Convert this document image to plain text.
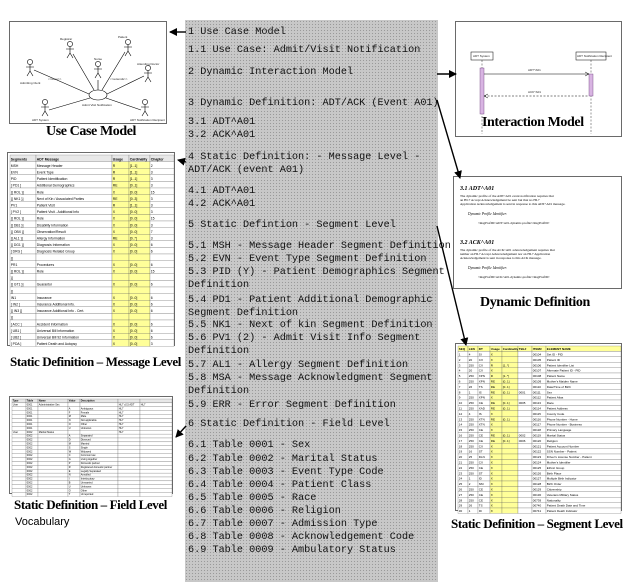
1 Use Case Model
1.1 Use Case: Admit/Visit Notification
2 Dynamic Interaction Model
3 Dynamic Definition: ADT/ACK (Event A01)
3.1 ADT^A01
3.2 ACK^A01
4 Static Definition: - Message Level -
ADT/ACK (event A01)
4.1 ADT^A01
4.2 ACK^A01
5 Static Defintion - Segment Level
5.1 MSH - Message Header Segment Definition
5.2 EVN - Event Type Segment Definition
5.3 PID (Y) - Patient Demographics Segment
Definition
5.4 PD1 - Patient Additional Demographic
Segment Definition
5.5 NK1 - Next of kin Segment Definition
5.6 PV1 (2) - Admit Visit Info Segment
Definition
5.7 AL1 - Allergy Segment Definition
5.8 MSA - Message Acknowledgment Segment
Definition
5.9 ERR - Error Segment Definition
6 Static Definition - Field Level
6.1 Table 0001 - Sex
6.2 Table 0002 - Marital Status
6.3 Table 0003 - Event Type Code
6.4 Table 0004 - Patient Class
6.5 Table 0005 - Race
6.6 Table 0006 - Religion
6.7 Table 0007 - Admission Type
6.8 Table 0008 - Acknowledgement Code
6.9 Table 0009 - Ambulatory Status
Admitting Clerk
Registrar	Patient
Attending Doctor
Nurse
ADT System	ADT Notification Recipient
Admit Visit Notification
<<uses>>	<<extends>>
Use Case Model
ADT System	ADT Notification Recipient
ADT^A01
ACK^A01
Interaction Model
3.1 ADT^A01
The dynamic profile of the ADT^A01 event notification requires that
an HL7 Accept Acknowledgement be sent but that no HL7
Application Acknowledgement is sent in response to this ADT^A01 message.
Dynamic Profile Identifier:
<msgProfID>ADT^A01-dynamic-profile</msgProfID>
3.2 ACK^A01
The dynamic profile of the ACK^A01 acknowledgement requires that
neither an HL7 Accept Acknowledgement nor an HL7 Application
Acknowledgement is sent in response to this ACK message.
Dynamic Profile Identifier:
<msgProfID>ACK^A01-dynamic-profile</msgProfID>
Dynamic Definition
Segments	ADT Message	Usage Cardinality Chapter
MSH	Message Header	R	[1..1]	2
EVN	Event Type	R	[1..1]	3
PID	Patient Identification	R	[1..1]	3
[ PD1 ]	Additional Demographics	RE	[0..1]	3
[{ ROL }]	Role	X	[0..0]	15
[{ NK1 }]	Next of Kin / Associated Parties	RE	[0..3]	3
PV1	Patient Visit	R	[1..1]	3
[ PV2 ]	Patient Visit - Additional Info	X	[0..0]	3
[{ ROL }]	Role	X	[0..0]	15
[{ DB1 }]	Disability Information	X	[0..0]	3
[{ OBX }]	Observation/Result	X	[0..0]	7
[{ AL1 }]	Allergy Information	RE	[0..*]	3
[{ DG1 }]	Diagnosis Information	X	[0..0]	6
[ DRG ]	Diagnosis Related Group	X	[0..0]	6
[{
PR1	Procedures	X	[0..0]	6
[{ ROL }]	Role	X	[0..0]	15
}]
[{ GT1 }]	Guarantor	X	[0..0]	6
[{
IN1	Insurance	X	[0..0]	6
[ IN2 ]	Insurance Additional Info.	X	[0..0]	6
[{ IN3 }]	Insurance Additional Info - Cert.	X	[0..0]	6
}]
[ ACC ]	Accident Information	X	[0..0]	6
[ UB1 ]	Universal Bill Information	X	[0..0]	6
[ UB2 ]	Universal Bill 92 Information	X	[0..0]	6
[ PDA ]	Patient Death and Autopsy	X	[0..0]	3
Static Definition – Message Level
SEQ LEN DT	Usage Cardinality TBL# ITEM# ELEMENT NAME
1	4	SI	X	00104 Set ID - PID
2	20 CX	X	00105 Patient ID
3	250 CX	R	[1..*]	00106 Patient Identifier List
4	20 CX	X	00107 Alternate Patient ID - PID
5	250 XPN R	[1..*]	00108 Patient Name
6	250 XPN RE	[0..1]	00109 Mother's Maiden Name
7	26 TS	RE	[0..1]	00110 Date/Time of Birth
8	1	IS	RE	[0..1]	0001 00111 Sex
9	250 XPN X	00112 Patient Alias
10 250 CE	RE	[0..1]	0005 00113 Race
11 250 XAD RE	[0..1]	00114 Patient Address
12 4	IS	X	00115 County Code
13 250 XTN RE	[0..1]	00116 Phone Number - Home
14 250 XTN X	00117 Phone Number - Business
15 250 CE	X	00118 Primary Language
16 250 CE	RE	[0..1]	0002 00119 Marital Status
17 250 CE	RE	[0..1]	0006 00120 Religion
18 250 CX	X	00121 Patient Account Number
19 16 ST	X	00122 SSN Number - Patient
20 25 DLN X	00123 Driver's License Number - Patient
21 250 CX	X	00124 Mother's Identifier
22 250 CE	X	00125 Ethnic Group
23 250 ST	X	00126 Birth Place
24 1	ID	X	00127 Multiple Birth Indicator
25 2	NM X	00128 Birth Order
26 250 CE	X	00129 Citizenship
27 250 CE	X	00130 Veterans Military Status
28 250 CE	X	00739 Nationality
29 26 TS	X	00740 Patient Death Date and Time
30 1	ID	X	00741 Patient Death Indicator
Static Definition – Segment Level
Type	Table Name	Value Description
User	0001	Administrative Sex	HL7 v2.5 ADT	HL7
0001	A	Ambiguous	HL7
0001	F	Female	HL7
0001	M	Male	HL7
0001	N	Not applicable	HL7
0001	O	Other	HL7
0001	U	Unknown	HL7
User	0002	Marital Status	HL7
0002	A	Separated
0002	D	Divorced
0002	M	Married
0002	S	Single
0002	W	Widowed
0002	C	Common law
0002	G	Living together
0002	P	Domestic partner
0002	R	Registered domestic partner
0002	E	Legally Separated
0002	N	Annulled
0002	I	Interlocutory
0002	B	Unmarried
0002	U	Unknown
0002	O	Other
0002	T	Unreported
Static Definition – Field Level
Vocabulary
